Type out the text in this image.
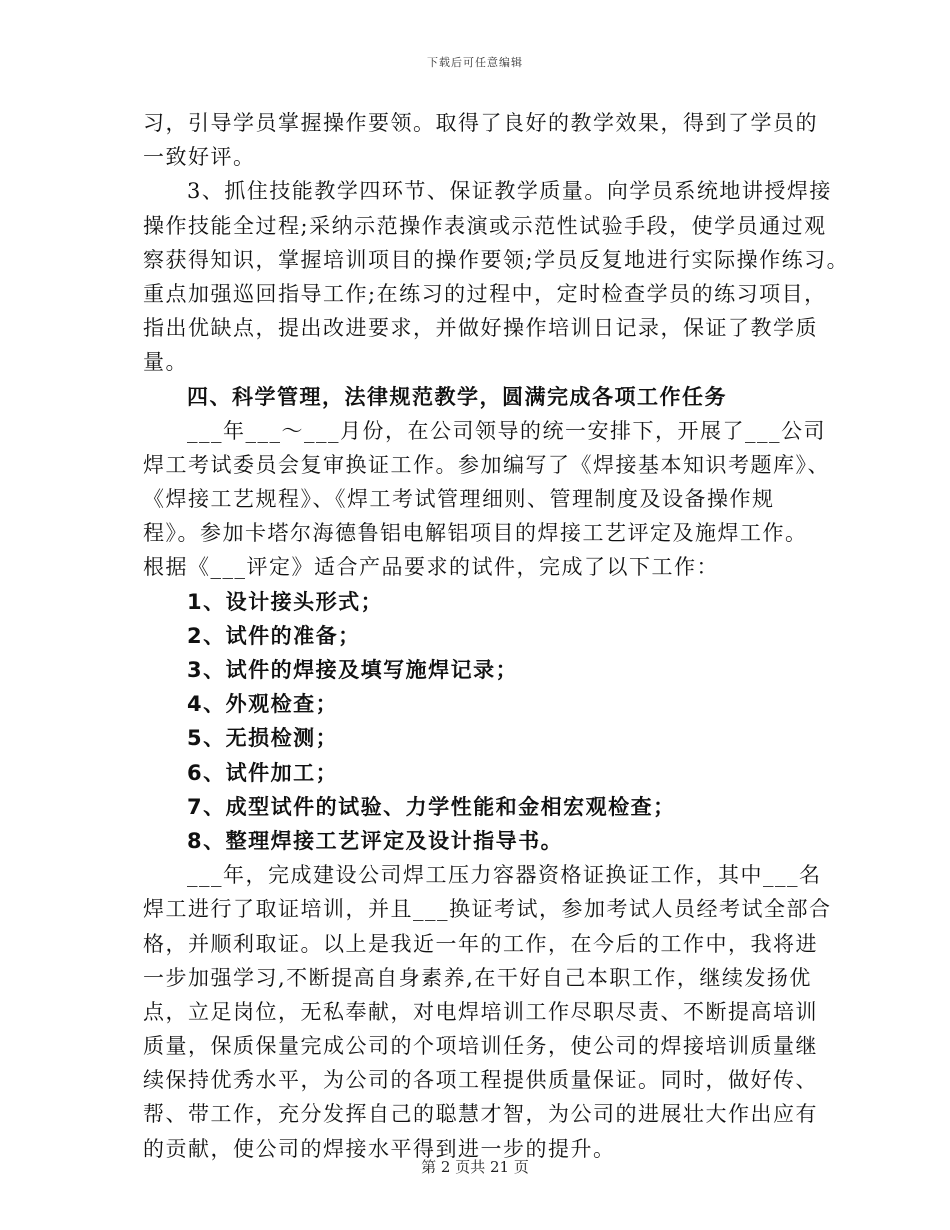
下载后可任意编辑
习，引导学员掌握操作要领。取得了良好的教学效果，得到了学员的
一致好评。
3、抓住技能教学四环节、保证教学质量。向学员系统地讲授焊接
操作技能全过程;采纳示范操作表演或示范性试验手段，使学员通过观
察获得知识，掌握培训项目的操作要领;学员反复地进行实际操作练习。
重点加强巡回指导工作;在练习的过程中，定时检查学员的练习项目，
指出优缺点，提出改进要求，并做好操作培训日记录，保证了教学质
量。
四、科学管理，法律规范教学，圆满完成各项工作任务
___年___～___月份，在公司领导的统一安排下，开展了___公司
焊工考试委员会复审换证工作。参加编写了《焊接基本知识考题库》、
《焊接工艺规程》、《焊工考试管理细则、管理制度及设备操作规
程》。参加卡塔尔海德鲁铝电解铝项目的焊接工艺评定及施焊工作。
根据《___评定》适合产品要求的试件，完成了以下工作：
1、设计接头形式；
2、试件的准备；
3、试件的焊接及填写施焊记录；
4、外观检查；
5、无损检测；
6、试件加工；
7、成型试件的试验、力学性能和金相宏观检查；
8、整理焊接工艺评定及设计指导书。
___年，完成建设公司焊工压力容器资格证换证工作，其中___名
焊工进行了取证培训，并且___换证考试，参加考试人员经考试全部合
格，并顺利取证。以上是我近一年的工作，在今后的工作中，我将进
一步加强学习,不断提高自身素养,在干好自己本职工作，继续发扬优
点，立足岗位，无私奉献，对电焊培训工作尽职尽责、不断提高培训
质量，保质保量完成公司的个项培训任务，使公司的焊接培训质量继
续保持优秀水平，为公司的各项工程提供质量保证。同时，做好传、
帮、带工作，充分发挥自己的聪慧才智，为公司的进展壮大作出应有
的贡献，使公司的焊接水平得到进一步的提升。
第 2 页共 21 页
